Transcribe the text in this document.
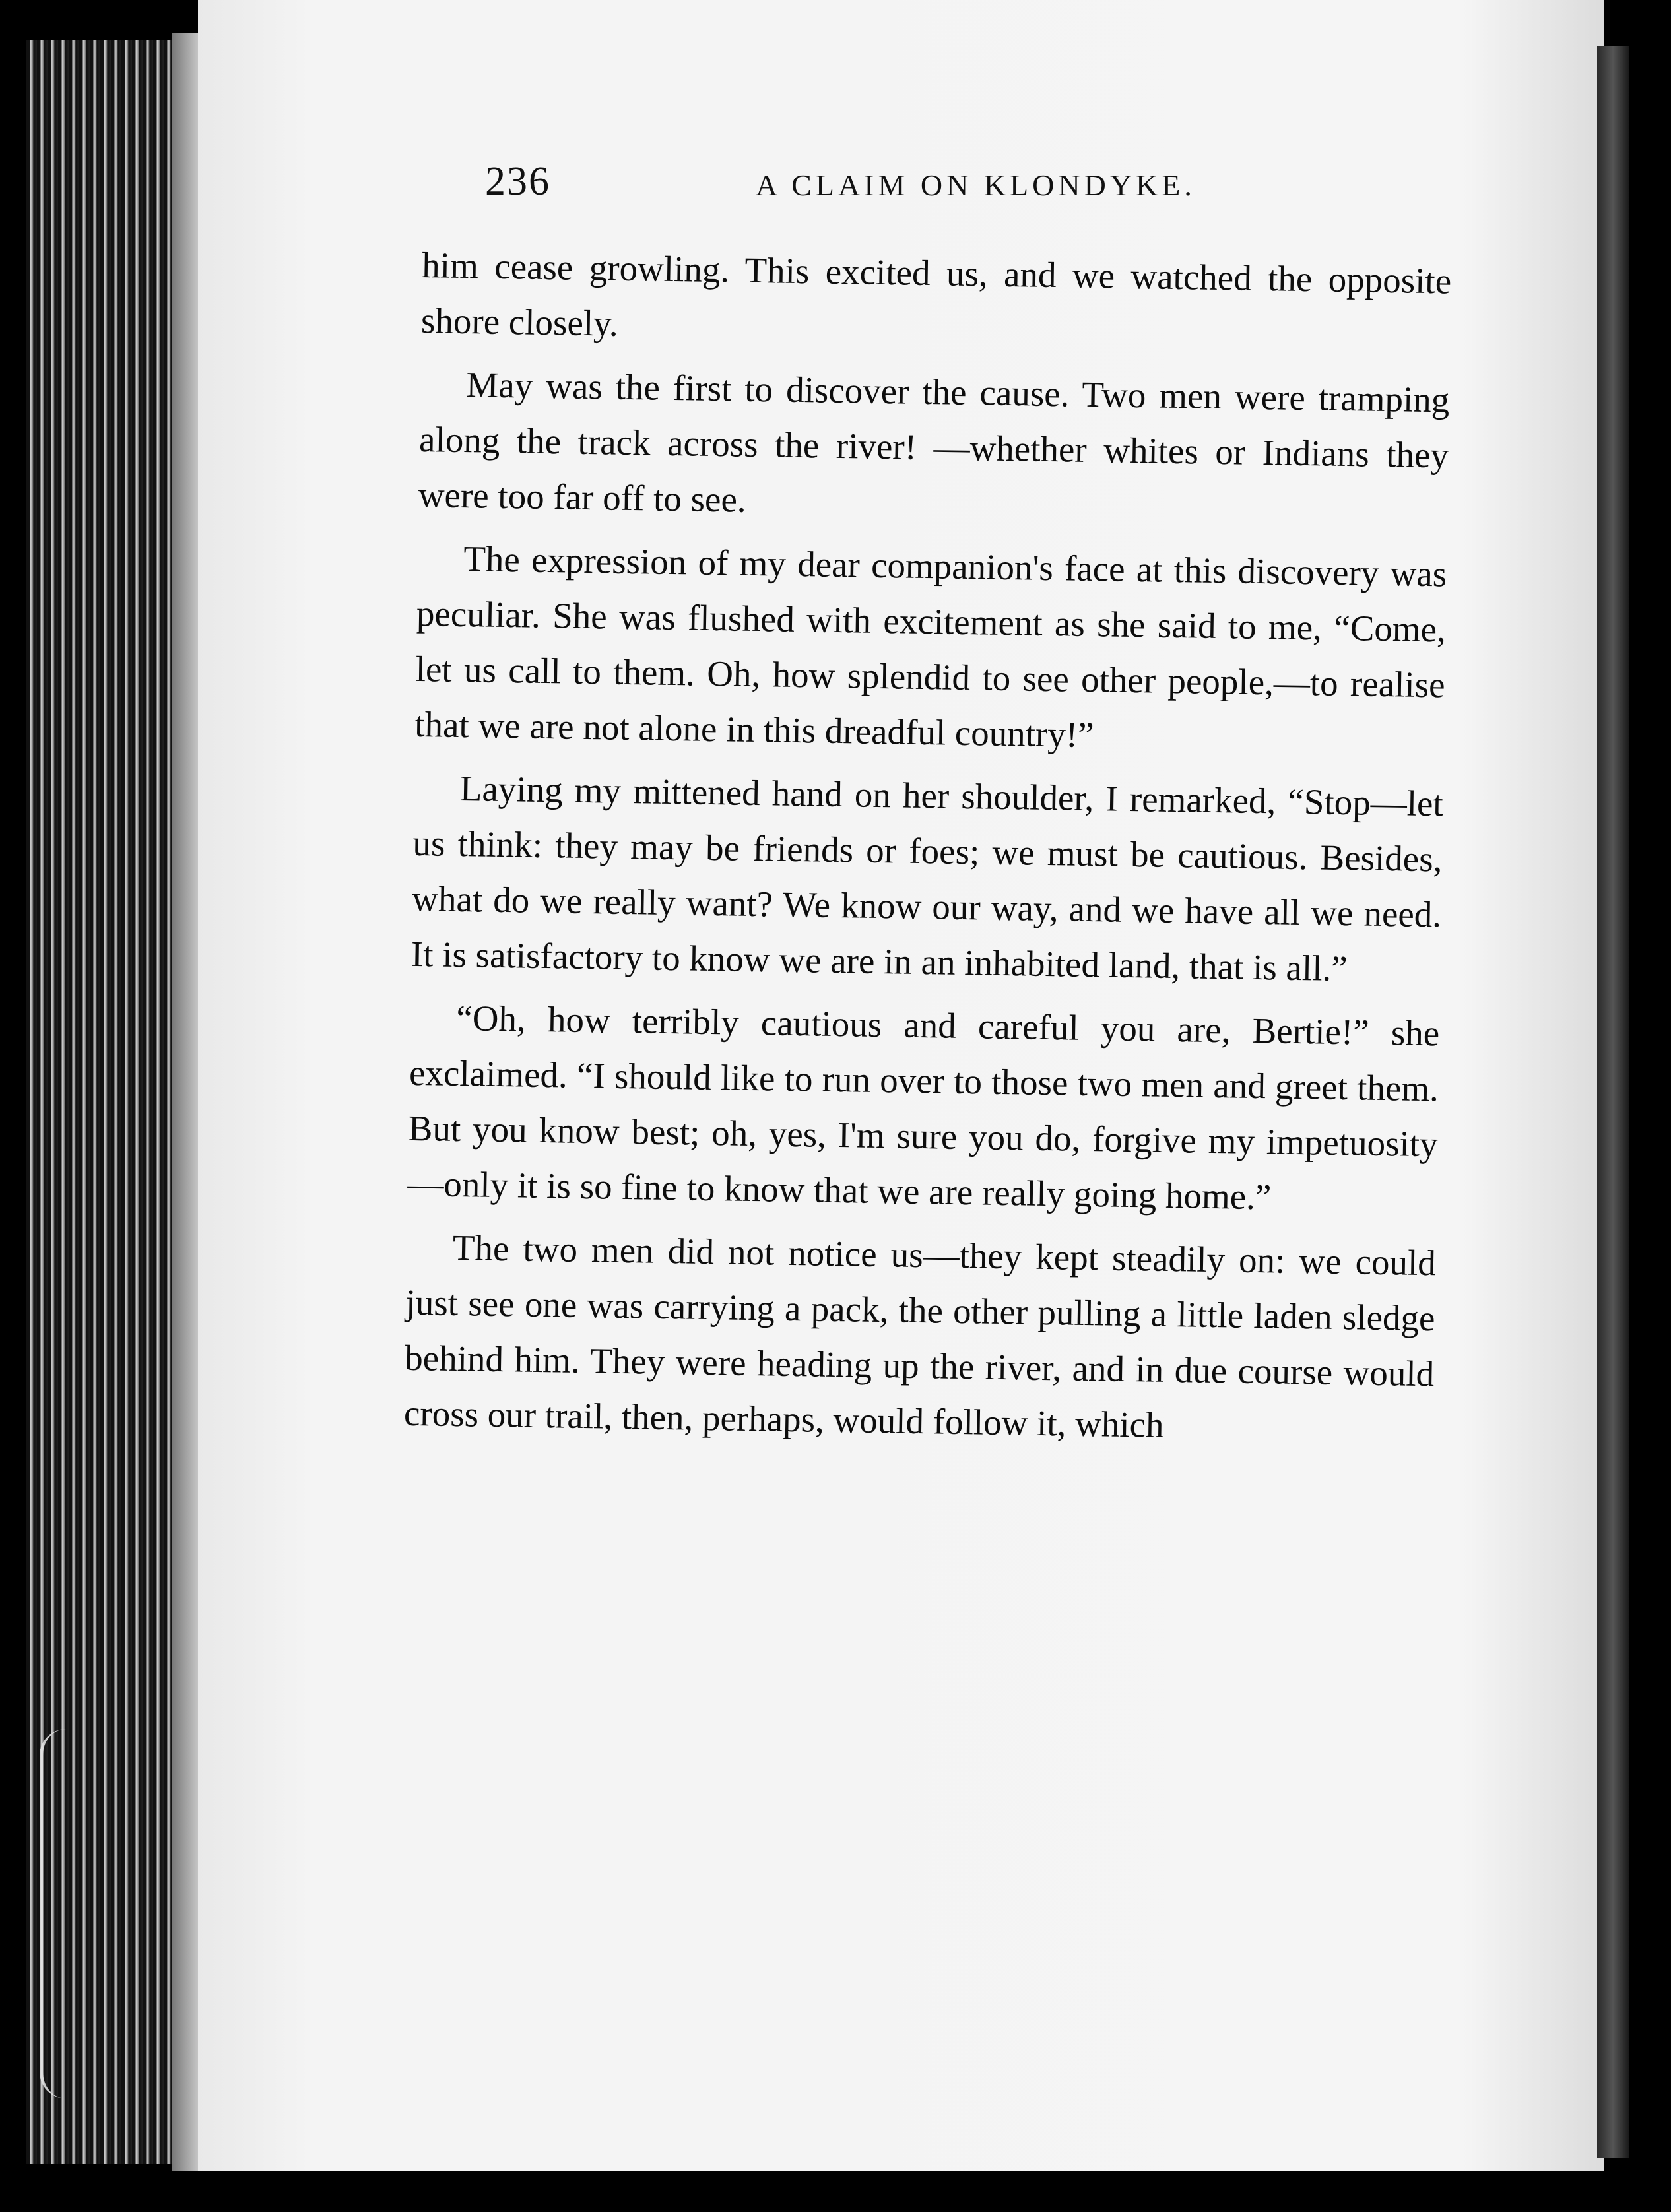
236	A CLAIM ON KLONDYKE.

him cease growling. This excited us, and we watched the opposite shore closely.

May was the first to discover the cause. Two men were tramping along the track across the river! —whether whites or Indians they were too far off to see.

The expression of my dear companion's face at this discovery was peculiar. She was flushed with excitement as she said to me, “Come, let us call to them. Oh, how splendid to see other people,—to realise that we are not alone in this dreadful country!”

Laying my mittened hand on her shoulder, I remarked, “Stop—let us think: they may be friends or foes; we must be cautious. Besides, what do we really want? We know our way, and we have all we need. It is satisfactory to know we are in an inhabited land, that is all.”

“Oh, how terribly cautious and careful you are, Bertie!” she exclaimed. “I should like to run over to those two men and greet them. But you know best; oh, yes, I'm sure you do, forgive my impetuosity —only it is so fine to know that we are really going home.”

The two men did not notice us—they kept steadily on: we could just see one was carrying a pack, the other pulling a little laden sledge behind him. They were heading up the river, and in due course would cross our trail, then, perhaps, would follow it, which
